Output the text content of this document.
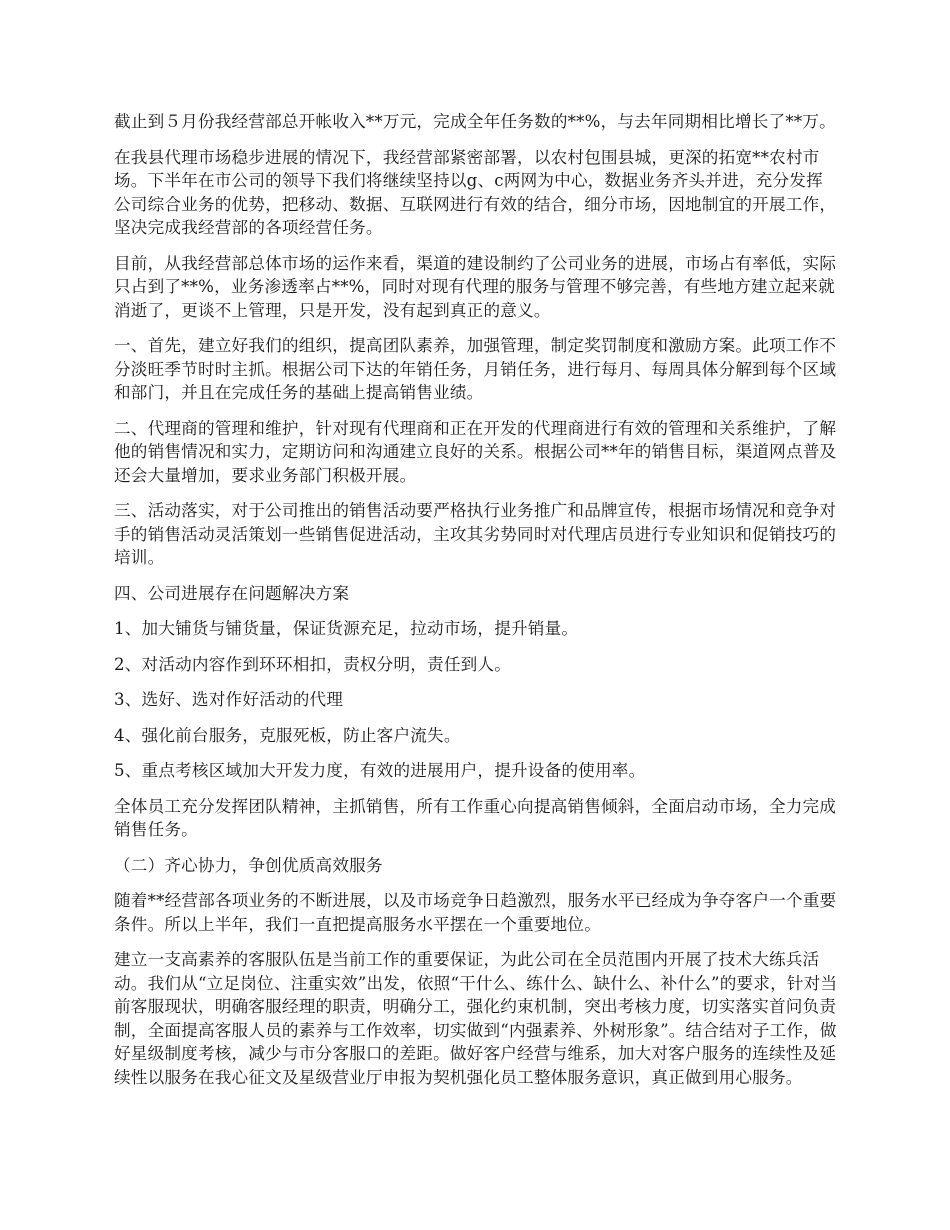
截止到５月份我经营部总开帐收入**万元，完成全年任务数的**%，与去年同期相比增长了**万。

在我县代理市场稳步进展的情况下，我经营部紧密部署，以农村包围县城，更深的拓宽**农村市场。下半年在市公司的领导下我们将继续坚持以g、c两网为中心，数据业务齐头并进，充分发挥公司综合业务的优势，把移动、数据、互联网进行有效的结合，细分市场，因地制宜的开展工作，坚决完成我经营部的各项经营任务。

目前，从我经营部总体市场的运作来看，渠道的建设制约了公司业务的进展，市场占有率低，实际只占到了**%，业务渗透率占**%，同时对现有代理的服务与管理不够完善，有些地方建立起来就消逝了，更谈不上管理，只是开发，没有起到真正的意义。

一、首先，建立好我们的组织，提高团队素养，加强管理，制定奖罚制度和激励方案。此项工作不分淡旺季节时时主抓。根据公司下达的年销任务，月销任务，进行每月、每周具体分解到每个区域和部门，并且在完成任务的基础上提高销售业绩。

二、代理商的管理和维护，针对现有代理商和正在开发的代理商进行有效的管理和关系维护，了解他的销售情况和实力，定期访问和沟通建立良好的关系。根据公司**年的销售目标，渠道网点普及还会大量增加，要求业务部门积极开展。

三、活动落实，对于公司推出的销售活动要严格执行业务推广和品牌宣传，根据市场情况和竞争对手的销售活动灵活策划一些销售促进活动，主攻其劣势同时对代理店员进行专业知识和促销技巧的培训。

四、公司进展存在问题解决方案

1、加大铺货与铺货量，保证货源充足，拉动市场，提升销量。

2、对活动内容作到环环相扣，责权分明，责任到人。

3、选好、选对作好活动的代理

4、强化前台服务，克服死板，防止客户流失。

5、重点考核区域加大开发力度，有效的进展用户，提升设备的使用率。

全体员工充分发挥团队精神，主抓销售，所有工作重心向提高销售倾斜，全面启动市场，全力完成销售任务。

（二）齐心协力，争创优质高效服务

随着**经营部各项业务的不断进展，以及市场竞争日趋激烈，服务水平已经成为争夺客户一个重要条件。所以上半年，我们一直把提高服务水平摆在一个重要地位。

建立一支高素养的客服队伍是当前工作的重要保证，为此公司在全员范围内开展了技术大练兵活动。我们从“立足岗位、注重实效”出发，依照“干什么、练什么、缺什么、补什么”的要求，针对当前客服现状，明确客服经理的职责，明确分工，强化约束机制，突出考核力度，切实落实首问负责制，全面提高客服人员的素养与工作效率，切实做到“内强素养、外树形象”。结合结对子工作，做好星级制度考核，减少与市分客服口的差距。做好客户经营与维系，加大对客户服务的连续性及延续性以服务在我心征文及星级营业厅申报为契机强化员工整体服务意识，真正做到用心服务。
